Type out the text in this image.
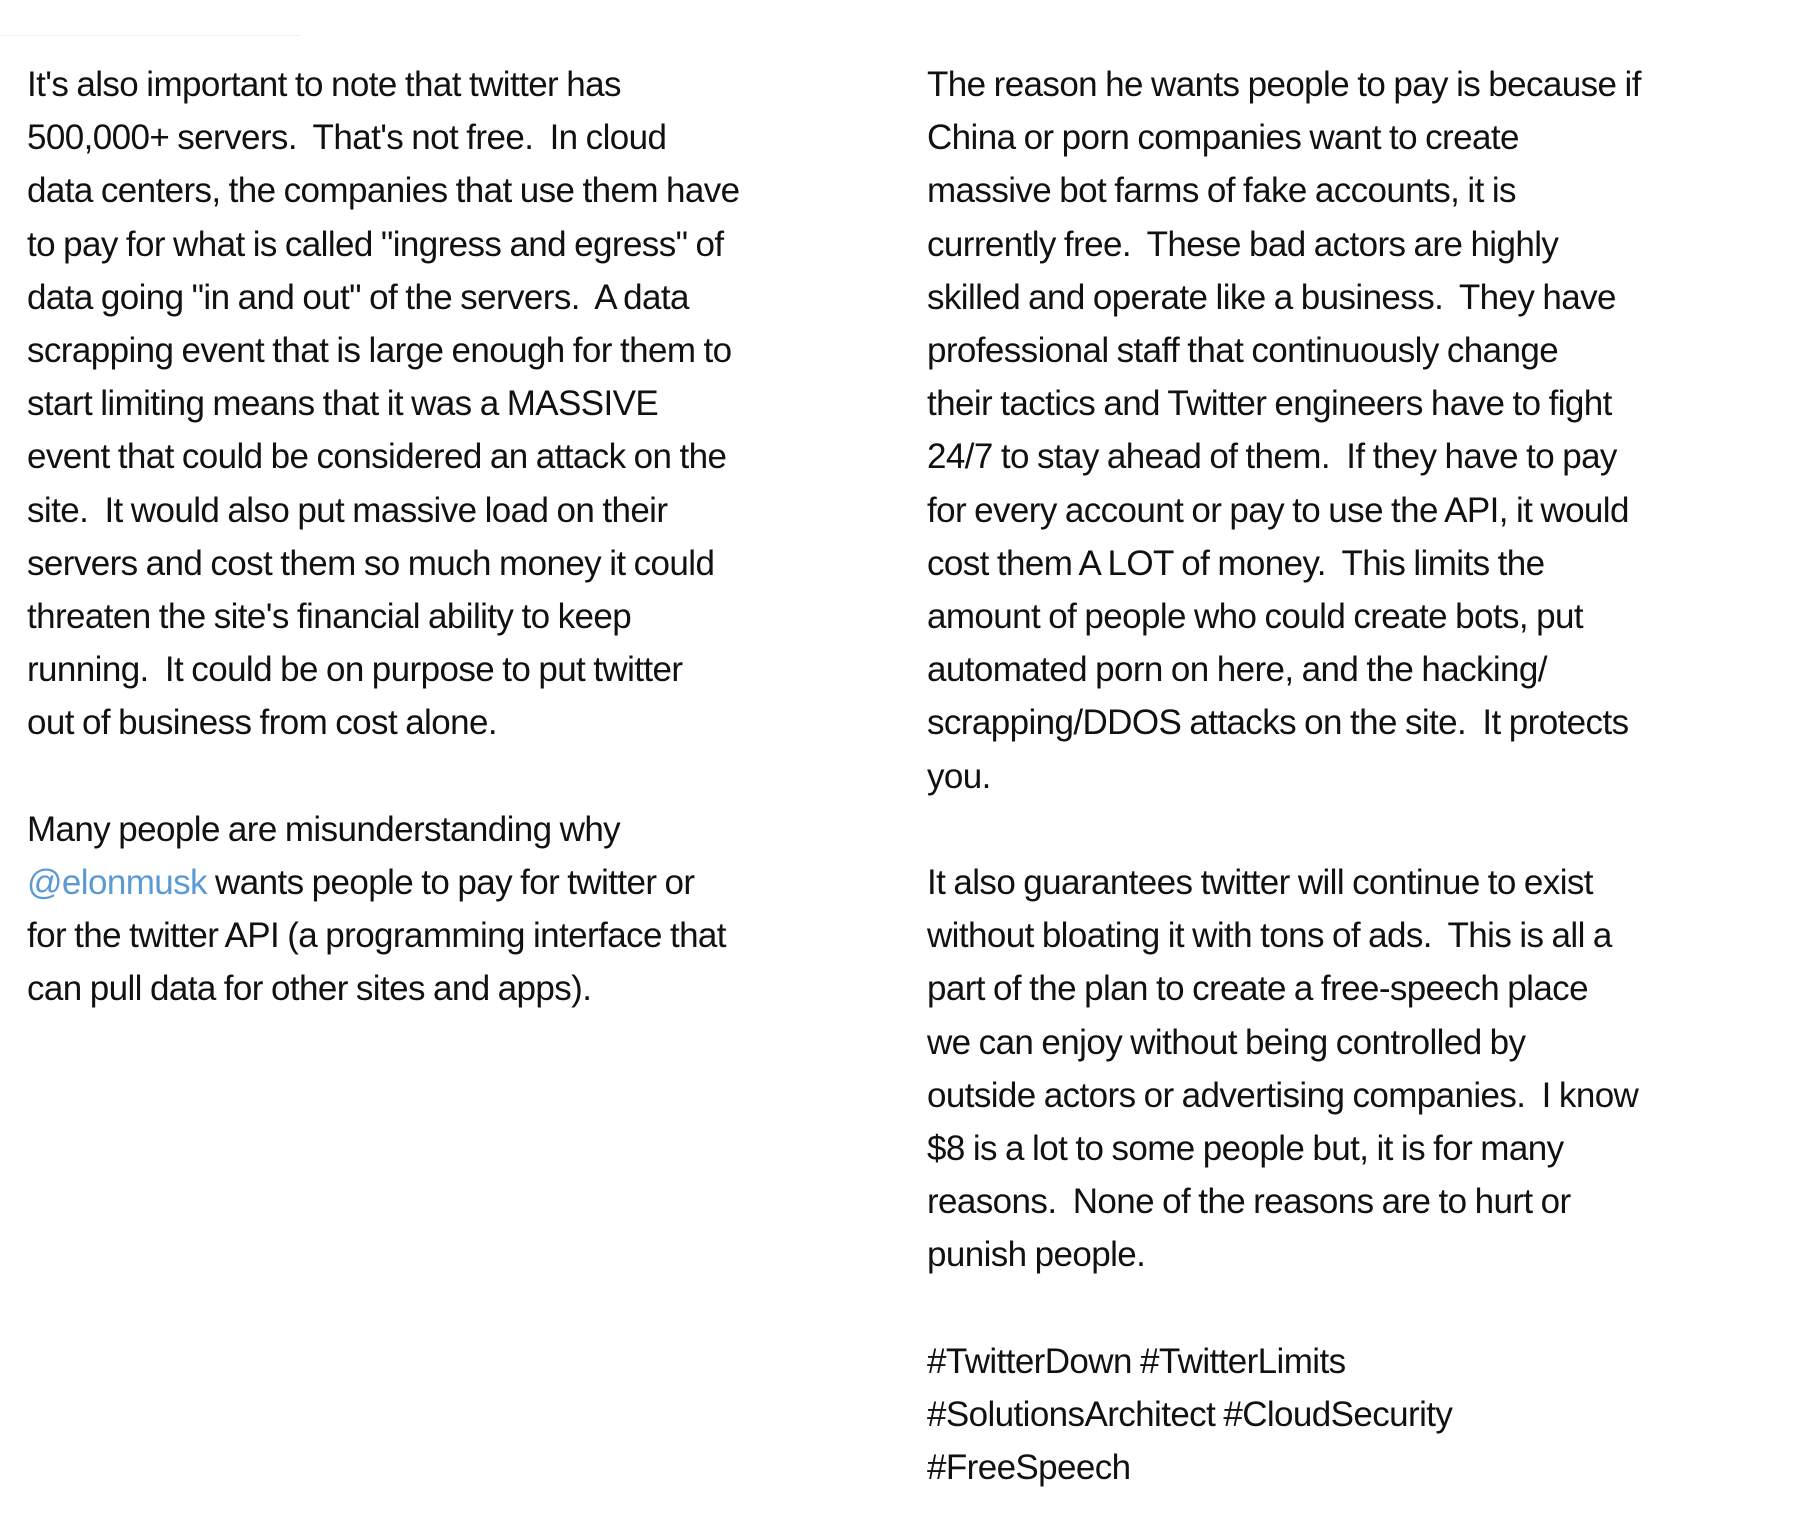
It's also important to note that twitter has
500,000+ servers.  That's not free.  In cloud
data centers, the companies that use them have
to pay for what is called "ingress and egress" of
data going "in and out" of the servers.  A data
scrapping event that is large enough for them to
start limiting means that it was a MASSIVE
event that could be considered an attack on the
site.  It would also put massive load on their
servers and cost them so much money it could
threaten the site's financial ability to keep
running.  It could be on purpose to put twitter
out of business from cost alone.

Many people are misunderstanding why
@elonmusk wants people to pay for twitter or
for the twitter API (a programming interface that
can pull data for other sites and apps).

The reason he wants people to pay is because if
China or porn companies want to create
massive bot farms of fake accounts, it is
currently free.  These bad actors are highly
skilled and operate like a business.  They have
professional staff that continuously change
their tactics and Twitter engineers have to fight
24/7 to stay ahead of them.  If they have to pay
for every account or pay to use the API, it would
cost them A LOT of money.  This limits the
amount of people who could create bots, put
automated porn on here, and the hacking/
scrapping/DDOS attacks on the site.  It protects
you.

It also guarantees twitter will continue to exist
without bloating it with tons of ads.  This is all a
part of the plan to create a free-speech place
we can enjoy without being controlled by
outside actors or advertising companies.  I know
$8 is a lot to some people but, it is for many
reasons.  None of the reasons are to hurt or
punish people.

#TwitterDown #TwitterLimits
#SolutionsArchitect #CloudSecurity
#FreeSpeech
